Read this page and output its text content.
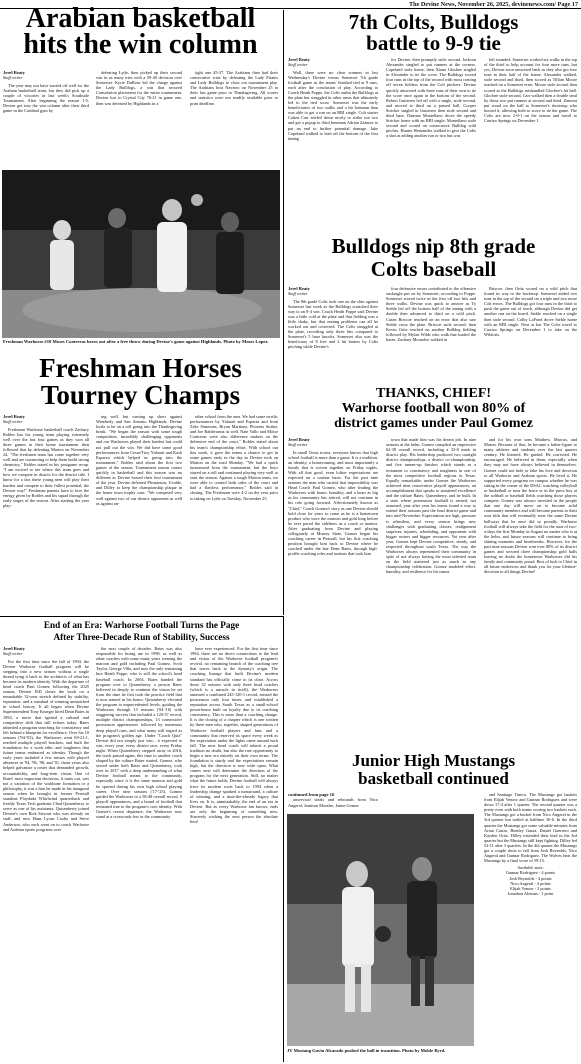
The Devine News, November 26, 2025, devinenews.com/ Page 17
Arabian basketball
hits the win column
Jerel Beaty
Staff writer

The year may not have started off well for the Arabian basketball team, but they did pick up a couple of victories in last week's Southside Tournament. After beginning the season 1-5, Devine got into the win column after their third game in the Cardinal gym by

defeating Lytle, then picked up their second win in as many tries with a 59-40 decision over Somerset. Kyrie DuBose led the charge against the Lady Bulldogs, a win that secured Consolation placement for the entire tournament. Devine lost to Crystal City 76-21 in game one, then was defeated by Highlands in a

tight one 45-37. The Arabians then had their consecutive wins by defeating the Lady Pirates and Lady Bulldogs to close out tournament play. The Arabians host Navarro on November 25 in their last game prior to Thanksgiving. All scores and statistics were not readily available prior to print deadline.

Freshman Warhorse #10 Moses Contreras boxes out after a free throw during Devine's game against Highlands. Photo by Moses Lopez.
Freshman Horses
Tourney Champs
Jerel Beaty
Staff writer

Freshman Warhorse basketball coach Zachary Robles has his young team playing extremely well over the last four games as they won all three games in their home tournament then followed that by defeating Marion on November 24. "The freshmen team has come together very well and are connecting to help them build strong chemistry," Robles stated in his postgame recap. "I am excited to see where this team goes and how we compete in district for the district title. I know for a fact these young men will play their hardest and compete to their fullest potential, the Devine way!" Freshman parents have to love the energy given by Robles and his squad through the early stages of the season. After starting the year play-

ing well, but coming up short against Weatherly and San Antonio Highlands, Devine looks to be on a roll going into the Thanksgiving break. "We began the season with some tough competition, incredibly challenging opponents and our Warhorses played their hardest but could not pull out the win. We did have some good performances from Cesar/Troy Yidaarit and Kash Esparza which helped us going into the tournament," Robles said about the first two games of the season. Tournament season comes quickly in basketball and this season was no different as Devine hosted their first tournament of the year. Devine defeated Pleasanton, Uvalde, and Dilley to keep the championship plaque in the home town trophy case. "We competed very well against two of our district opponents as well as against an-

other school from the area. We had some terrific performances by Yidaarit and Esparza and from Zeke Simmons, Bryan Martinez, Phoenix Stuber, and Joe Balderrama as well. Nate Vallo and Moise Contreras were also difference makers on the defensive end of the court," Robles stated about his team's championship effort. With school out this week, it gave the teams a chance to get in some games early in the day as Devine took on Marion on the road Monday. "We had a quick turnaround from the tournament, but the boys stayed on a roll and continued playing very well to start the season. Against a tough Marion team, we were able to control both sides of the court and had a flawless performance," Robles said in closing. The Freshman were 4-2 on the year prior to taking on Lytle on Tuesday, November 25.

7th Colts, Bulldogs
battle to 9-9 tie
Jerel Beaty
Staff writer

Well, there were no clear winners in last Wednesday's Devine versus Somerset 7th grade football game as the teams' finished tied at 9 runs, each after the conclusion of play. According to Coach Heath Poppe, the Colts outhit the Bulldogs at the plate but struggled in other areas that ultimately led to the tied score. Somerset was the early beneficiaries of two walks and a hit batsman than was able to get a run on an RBI single. Colt starter Cohen Carr settled down nicely to strike out two and get a popup to third baseman Adrian Zamora to put an end to further potential damage. Jake Copeland walked to lead off the bottom of the first inning

for Devine, then promptly stole second. Jackson Alexander singled to put runners at the corners. Copeland stole home, then Xiana Gloshee singled in Alexander to tie the score. The Bulldogs scored four runs in the top of the second with most coming off seven fielders from the Colt pitchers. Devine quickly answered with three runs of their own to tie the score once again in the bottom of the second. Robert Gutierrez led off with a single, stole second, and moved to third on a passed ball. Cooper Stricker singled in Gutierrez then stole second and third base. Damian Montellano drove the speedy Stricker home with an RBI single. Montellano stole second and scored on consecutive Bulldog wild pitches. Hunter Hernandez walked to give the Colts a shot at adding another run or two but was

left stranded. Somerset worked six walks in the top of the third to help account for four more runs, but yes, Devine soon answered back as they also got four runs in their half of the frame. Alexander walked, stole second and third, then scored as Tillian Moore reached on a Somerset error. Moore stole second then scored as the Bulldogs mishandled Glochee's hit ball. Glochee stole second, Carr walked then a double steal by those two put runners at second and third. Zamora put wood on the ball to Somerset's shortstop who booted it, allowing both to score to tie the game. The Colts are now 2-0-1 on the season and travel to Carrizo Springs on December 1.

Bulldogs nip 8th grade
Colts baseball
Jerel Beaty
Staff writer

The 8th grade Colts took one on the chin against Somerset last week as the Bulldogs scratched their way to an 8-4 win. Coach Heath Poppe said Devine was a little cold at the plate and that fielding was a little shaky, but that onning problems can all be worked out and corrected. The Colts struggled at the plate, recording only three hits compared to Somerset's 5 base knocks. Somerset also was the beneficiary of 8 free and 2 hit batters by Colts pitching while Devine's

four defensive errors contributed to the offensive onslaught put on by Somerset, according to Poppe. Somerset scored twice in the first off two hits and three walks. Devine was quick to answer as Ty Stehle led off the bottom half of the inning with a double then advanced to third on a wild pitch. Casen Briscoe reached on an error that also saw Stehle cross the plate. Briscoe stole second, then Kevin Ortiz reached on another Bulldog fielding followed by Mylan Wilds who walk that loaded the bases. Zachary Montalvo walked in

Briscoe, then Ortiz scored on a wild pitch that found its way to the backstop. Somerset added two runs in the top of the second on a triple and two more Colt errors. The Bulldogs got four runs in the third to push the game out of reach, although Devine did get another run on the board. Stehle reached on a single then stole second. Colby LaFond drove Stehle home with an RBI single. Next at bat The Colts travel to Carrizo Springs on December 1 to take on the Wildcats.

THANKS, CHIEF!
Warhorse football won 80% of
district games under Paul Gomez
Jerel Beaty
Staff writer

In small Texas towns, everyone knows that high school football is more than a game. It is a tradition, an identity, a homecoming, and most importantly a family that is woven together on Friday nights. With all that good, even loftier expectations are expected on a routine basis. For the past nine seasons the man who carried that impossibility was Head Coach Paul Gomez, who after leading the Warhorses with honor, humility, and a heart as big as his community has retired, will not continue in his role going forward. Affectionately known as "Chief," Coach Gomez's story as one Devine should hold close for years to come as he is a hometown product who wore the maroon and gold long before he ever paced the sidelines as a coach or mentor. After graduating from Devine and playing collegiately at Murray State, Gomez began his coaching career in Pearsall, but his first coaching position brought him back to Devine where he coached under the late Dean Bates, through high-profile coaching roles and stations that took him

town that made him was his dream job. In nine seasons at the helm, Gomez compiled an impressive 62-39 overall record, including a 33-8 mark in district play. His leadership produced two outright district championships, a district co-championship, and five runner-up finishes which stands as a testament to consistency and toughness in one of the most competitive football regions in Texas. Equally remarkable, under Gomez the Warhorses achieved nine consecutive playoff appearances, an accomplishment that speaks to sustained excellence and the culture Bates, Quisenberry, and he built. In a state where postseason football is earned, not assumed, year after year his teams found a way to extend their seasons past the final district game and into mid-November. Expectations are high, pressure is relentless, and every season brings new challenges with graduating classes, realignment surprises, injuries, scheduling, and opponents with bigger rosters and bigger resources. Yet year after year, Gomez kept Devine competitive, steady, and respected throughout south Texas. The way the Warhorses always represented their community in spite of not always having the most talented team on the field mattered just as much as any championship celebration. Gomez modeled effort, humility, and resilience for his teams

and for his own sons Matthew, Marcus, and Mason. Because of that, he became a father-figure to many athletes and students over the last quarter century. He listened. He guided. He corrected. He encouraged. He believed in them, especially when they may not have always believed in themselves. Gomez could not hide or fake his love and devotion to all Warhorse and Arabian sports. He lived it. He supported every program on campus whether he was sitting in the corner of the DSAC watching volleyball or basketball or near the fence or in the press box at the softball or baseball fields watching those players compete. Gomez was always invested in the people that one day will move on to become solid community members and will become parents to their own kids that will eventually wear the same Devine hallways that he once did so proudly. Warhorse football will always take the field for the start of two-a-days the first Monday in August no matter who is at the helm, and future seasons will continue to bring shining moments and heartbreaks. However, for the past nine seasons Devine won over 80% of its district games and secured three championship gold balls leaving no doubt the hometown Warhorses did his family and community proud. Best of luck to Chief in all future endeavors and thank you for your lifetime-devotion to all things Devine!

End of an Era: Warhorse Football Turns the Page
After Three-Decade Run of Stability, Success
Jerel Beaty
Staff writer

For the first time since the fall of 1994, the Devine Warhorse football program will be stepping into a new season without a single thread tying it back to the architects of what has become its modern identity. With the departure of head coach Paul Gomez following the 2025 season, Devine ISD closes the book on a remarkable 32-year stretch defined by stability, reputation, and a standard of winning unmatched in school history. It all began when Devine Superintendent Tony Krueger hired Dean Bates in 1994, a move that ignited a cultural and competitive shift that still echoes today. Bates inherited a program searching for consistency and left behind a blueprint for excellence. Over his 10 seasons ('94-'03), the Warhorses went 69-21-1, reached multiple playoff brackets, and built the foundation for a work ethic and toughness that future teams embraced as identity. Though the early years included a few misses with playoff absences in '94, '96, '98, and '01, those years also helped galvanize a roster that demanded growth, accountability, and long-term vision. One of Bates' most important decisions, it turns out, was not a variation of the wishbone formation or a philosophy, it was a hire he made in his inaugural season when he brought in former Pearsall standout Floydada Whirlwind quarterback and freshly Texas Tech graduate Chad Quisenberry to serve as one of his assistants. Quisenberry joined Devine's own Rick Stewart who was already on staff, and now Hans Lyons Cozby and Steve Anderson, who each went on to coach Warhorse and Arabian sports programs over

the next couple of decades. Bates was also responsible for hiring me in 1998, as well as other coaches with some many years wearing the maroon and gold including Paul Gomez, Scott Taylor, George Villa, and now the only remaining hire Heath Poppe, who is still the school's head baseball coach. In 2004, Bates handed the program over to Quisenberry, a person Bates believed in deeply to continue the vision he set from the time he first took the practice field that is now named in his honor. Quisenberry elevated the program to unprecedented levels, guiding the Warhorses through 13 seasons ('04-'16) with staggering success that included a 120-37 record, multiple district championships, 13 consecutive postseason appearances followed by numerous deep playoff runs, and what many will regard as the program's golden age. Under "Coach Quiz" Devine did not simply just win... it expected to win, every year, every district race, every Friday night. When Quisenberry stepped away in 2016, the torch passed again, this time to another coach shaped by the culture Bates started. Gomez, who served under both Bates and Quisenberry, took over in 2017 with a deep understanding of what Devine football meant to the community, especially since it is the same maroon and gold he sported during his own high school playing career. Over nine seasons ('17-'25), Gomez guided the Warhorses to a 58-48 overall record, 9 playoff appearances, and a brand of football that remained true to the program's core identity. With Gomez's recent departure, the Warhorses now stand at a crossroads few in the community

have ever experienced. For the first time since 1994, there are no direct connections to the lead and vision of the Warhorse football program's revival, no remaining branch of the coaching tree that traces back to the dynasty's origin. The coaching lineage that built Devine's modern standard has officially come to its close. Across those 32 seasons with only three head coaches (which is a miracle in itself), the Warhorses amassed a combined 245-120-1 record, missed the postseason only four times, and established a reputation across South Texas as a small-school powerhouse built on loyalty due to its coaching consistency. This is more than a coaching change. It is the closing of a chapter which is one written by three men who, together, shaped generations of Warhorse football players and fans and a community that reserved its space every week as the expectation under the lights came around each fall. The next head coach will inherit a proud tradition no doubt, but also the rare opportunity to begin a new era entirely on their own terms. The foundation is sturdy and the expectations remain high, but the direction is now wide open. What comes next will determine the direction of the program for the next generation. Still, no matter what the future holds, Devine football will always trace its modern roots back to 1994 when a leadership change sparked a turnaround, a culture of winning, and a time-the-already legacy that lives on. It is, unmistakably, the end of an era in Devine. But as every Warhorse fan knows, ends are only the beginning of something new. Sincerely wishing the next person the absolute best!

Junior High Mustangs
basketball continued
continued from page 16

onservical steals and rebounds from Nico Angeral, Jamison Morales, Jaime Gomez

JV Mustang Gavin Alvarado pushed the ball in transition. Photo by Moble Byrd.

and Santiago Tineco. The Mustangs got baskets from Elijah Venzor and Gunnar Rodriguez and were down 17-4 after 1 quarter. The second quarter was a pretty even with both teams scoring two baskets each. The Mustangs got a bucket from Nico Angeral in the 3rd quarter but trailed at halftime 36-6. In the third quarter the Mustangs got some valuable minutes from Arian Castro, Bentley Garza, Daniel Guerrero and Kayden Ortiz. Dilley extended their lead in the 3rd quarter but the Mustangs still kept fighting. Dilley led 52-11 after 3 quarters. In the 4th quarter the Mustangs got a couple shots to fall from Josh Reynolds, Nico Angeral and Gunnar Rodriguez. The Wolves beat the Mustangs by a final score of 59-15.

Available stats:
Gunnar Rodriguez - 4 points
Josh Reynolds - 4 points
Nico Angeral - 4 points
Elijah Venzor - 2 points
Jonathon Aleman - 1 point
